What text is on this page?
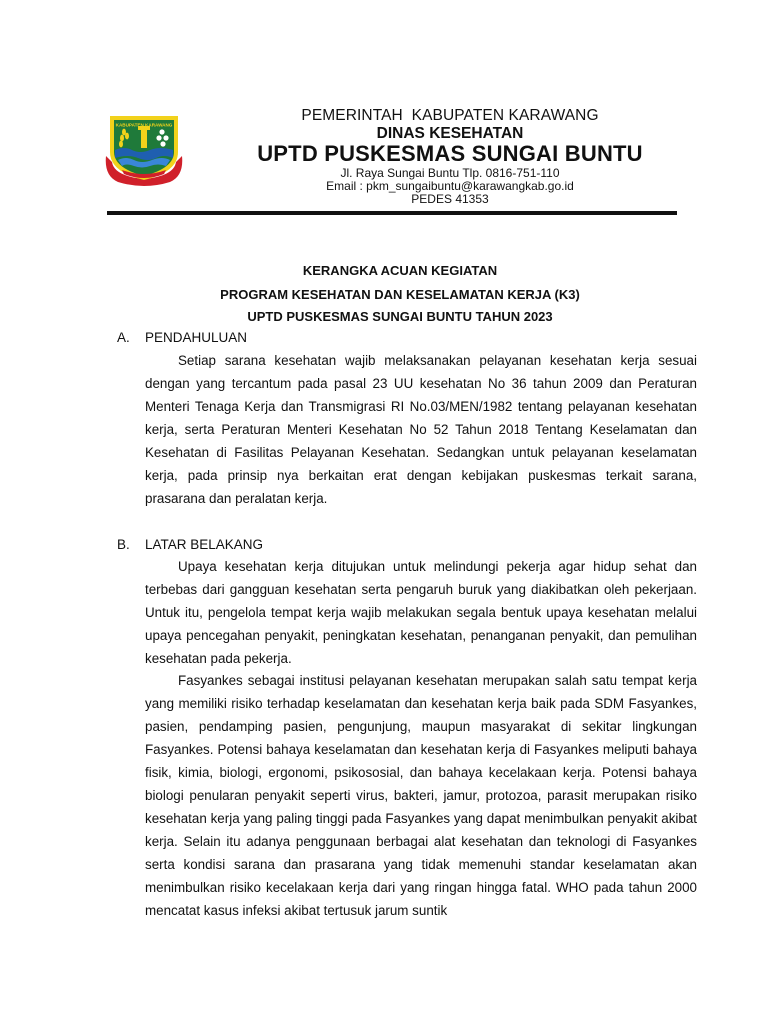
KABUPATEN KARAWANG
PEMERINTAH  KABUPATEN KARAWANG
DINAS KESEHATAN
UPTD PUSKESMAS SUNGAI BUNTU
Jl. Raya Sungai Buntu Tlp. 0816-751-110
Email : pkm_sungaibuntu@karawangkab.go.id
PEDES 41353
KERANGKA ACUAN KEGIATAN
PROGRAM KESEHATAN DAN KESELAMATAN KERJA (K3)
UPTD PUSKESMAS SUNGAI BUNTU TAHUN 2023
A. PENDAHULUAN

Setiap sarana kesehatan wajib melaksanakan pelayanan kesehatan kerja sesuai dengan yang tercantum pada pasal 23 UU kesehatan No 36 tahun 2009 dan Peraturan Menteri Tenaga Kerja dan Transmigrasi RI No.03/MEN/1982 tentang pelayanan kesehatan kerja, serta Peraturan Menteri Kesehatan No 52 Tahun 2018 Tentang Keselamatan dan Kesehatan di Fasilitas Pelayanan Kesehatan. Sedangkan untuk pelayanan keselamatan kerja, pada prinsip nya berkaitan erat dengan kebijakan puskesmas terkait sarana, prasarana dan peralatan kerja.

B. LATAR BELAKANG

Upaya kesehatan kerja ditujukan untuk melindungi pekerja agar hidup sehat dan terbebas dari gangguan kesehatan serta pengaruh buruk yang diakibatkan oleh pekerjaan. Untuk itu, pengelola tempat kerja wajib melakukan segala bentuk upaya kesehatan melalui upaya pencegahan penyakit, peningkatan kesehatan, penanganan penyakit, dan pemulihan kesehatan pada pekerja.

Fasyankes sebagai institusi pelayanan kesehatan merupakan salah satu tempat kerja yang memiliki risiko terhadap keselamatan dan kesehatan kerja baik pada SDM Fasyankes, pasien, pendamping pasien, pengunjung, maupun masyarakat di sekitar lingkungan Fasyankes. Potensi bahaya keselamatan dan kesehatan kerja di Fasyankes meliputi bahaya fisik, kimia, biologi, ergonomi, psikososial, dan bahaya kecelakaan kerja. Potensi bahaya biologi penularan penyakit seperti virus, bakteri, jamur, protozoa, parasit merupakan risiko kesehatan kerja yang paling tinggi pada Fasyankes yang dapat menimbulkan penyakit akibat kerja. Selain itu adanya penggunaan berbagai alat kesehatan dan teknologi di Fasyankes serta kondisi sarana dan prasarana yang tidak memenuhi standar keselamatan akan menimbulkan risiko kecelakaan kerja dari yang ringan hingga fatal. WHO pada tahun 2000 mencatat kasus infeksi akibat tertusuk jarum suntik
